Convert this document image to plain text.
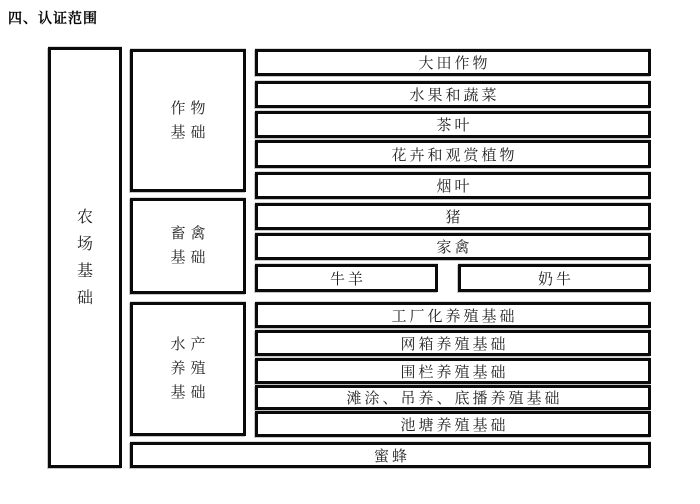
四、认证范围
农场基础
作物
基础
畜禽
基础
水产
养殖
基础
大田作物
水果和蔬菜
茶叶
花卉和观赏植物
烟叶
猪
家禽
牛羊	奶牛
工厂化养殖基础
网箱养殖基础
围栏养殖基础
滩涂、吊养、底播养殖基础
池塘养殖基础
蜜蜂
